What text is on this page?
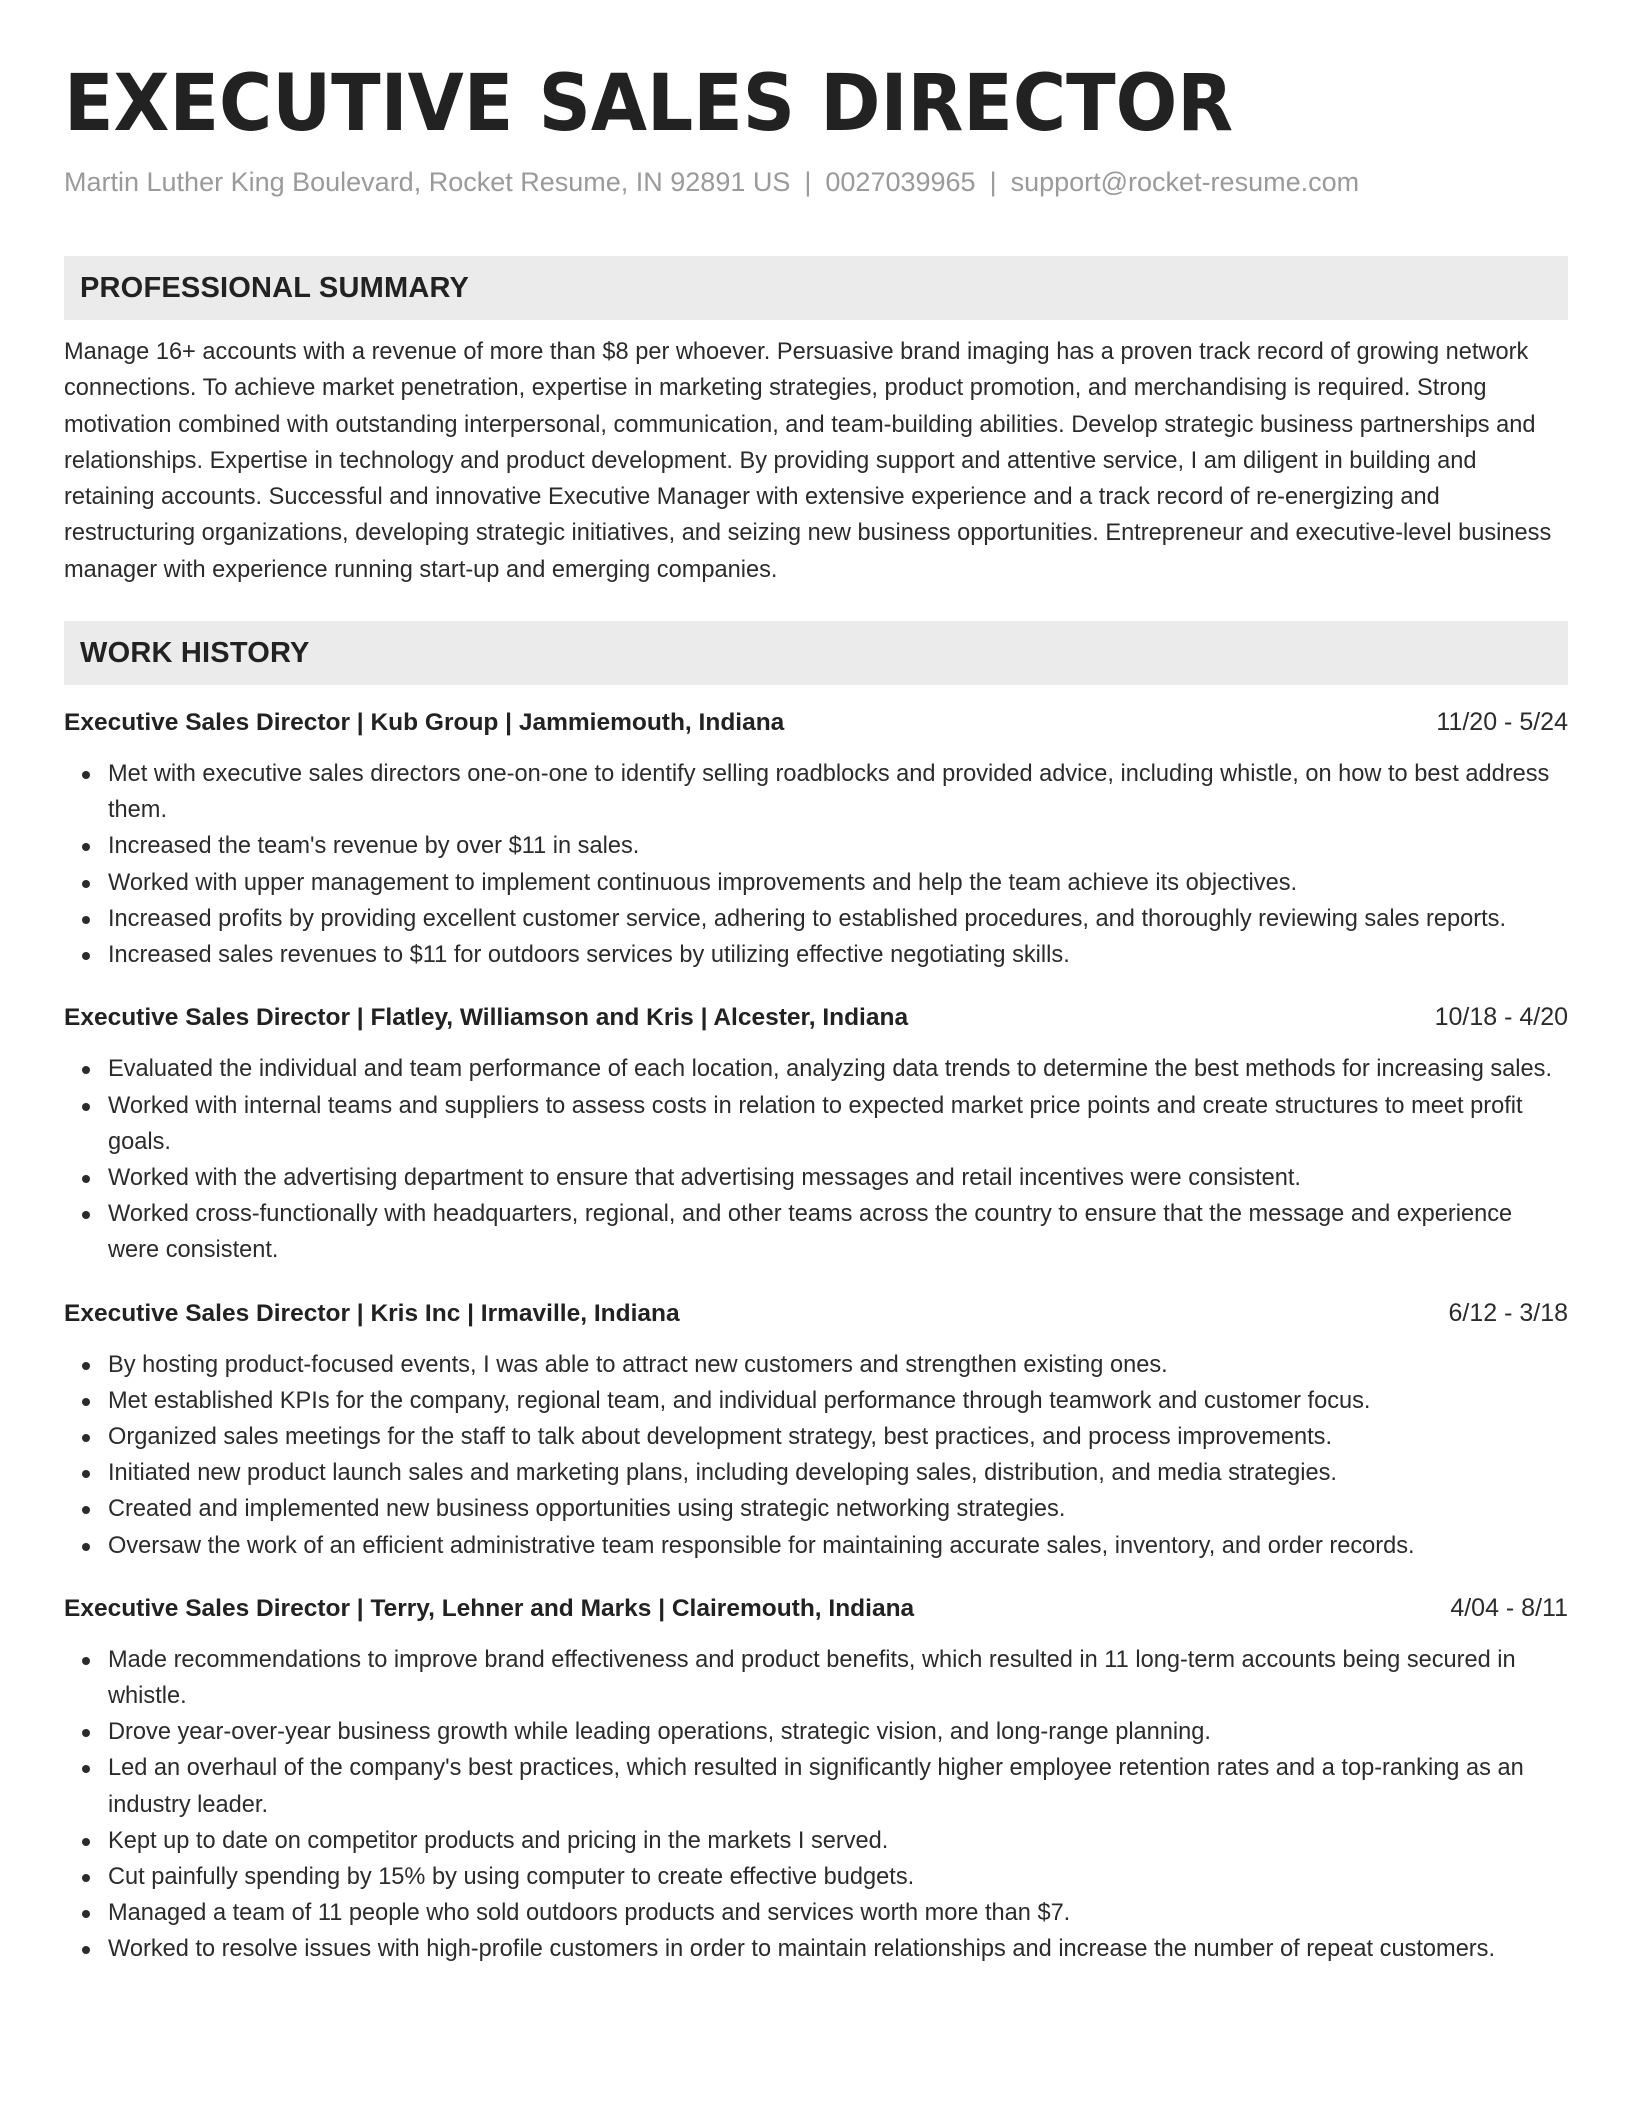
EXECUTIVE SALES DIRECTOR
Martin Luther King Boulevard, Rocket Resume, IN 92891 US | 0027039965 | support@rocket-resume.com
PROFESSIONAL SUMMARY

Manage 16+ accounts with a revenue of more than $8 per whoever. Persuasive brand imaging has a proven track record of growing network connections. To achieve market penetration, expertise in marketing strategies, product promotion, and merchandising is required. Strong motivation combined with outstanding interpersonal, communication, and team-building abilities. Develop strategic business partnerships and relationships. Expertise in technology and product development. By providing support and attentive service, I am diligent in building and retaining accounts. Successful and innovative Executive Manager with extensive experience and a track record of re-energizing and restructuring organizations, developing strategic initiatives, and seizing new business opportunities. Entrepreneur and executive-level business manager with experience running start-up and emerging companies.

WORK HISTORY
Executive Sales Director | Kub Group | Jammiemouth, Indiana	11/20 - 5/24
Met with executive sales directors one-on-one to identify selling roadblocks and provided advice, including whistle, on how to best address them.
Increased the team's revenue by over $11 in sales.
Worked with upper management to implement continuous improvements and help the team achieve its objectives.
Increased profits by providing excellent customer service, adhering to established procedures, and thoroughly reviewing sales reports.
Increased sales revenues to $11 for outdoors services by utilizing effective negotiating skills.
Executive Sales Director | Flatley, Williamson and Kris | Alcester, Indiana	10/18 - 4/20
Evaluated the individual and team performance of each location, analyzing data trends to determine the best methods for increasing sales.
Worked with internal teams and suppliers to assess costs in relation to expected market price points and create structures to meet profit goals.
Worked with the advertising department to ensure that advertising messages and retail incentives were consistent.
Worked cross-functionally with headquarters, regional, and other teams across the country to ensure that the message and experience were consistent.
Executive Sales Director | Kris Inc | Irmaville, Indiana	6/12 - 3/18
By hosting product-focused events, I was able to attract new customers and strengthen existing ones.
Met established KPIs for the company, regional team, and individual performance through teamwork and customer focus.
Organized sales meetings for the staff to talk about development strategy, best practices, and process improvements.
Initiated new product launch sales and marketing plans, including developing sales, distribution, and media strategies.
Created and implemented new business opportunities using strategic networking strategies.
Oversaw the work of an efficient administrative team responsible for maintaining accurate sales, inventory, and order records.
Executive Sales Director | Terry, Lehner and Marks | Clairemouth, Indiana	4/04 - 8/11
Made recommendations to improve brand effectiveness and product benefits, which resulted in 11 long-term accounts being secured in whistle.
Drove year-over-year business growth while leading operations, strategic vision, and long-range planning.
Led an overhaul of the company's best practices, which resulted in significantly higher employee retention rates and a top-ranking as an industry leader.
Kept up to date on competitor products and pricing in the markets I served.
Cut painfully spending by 15% by using computer to create effective budgets.
Managed a team of 11 people who sold outdoors products and services worth more than $7.
Worked to resolve issues with high-profile customers in order to maintain relationships and increase the number of repeat customers.
